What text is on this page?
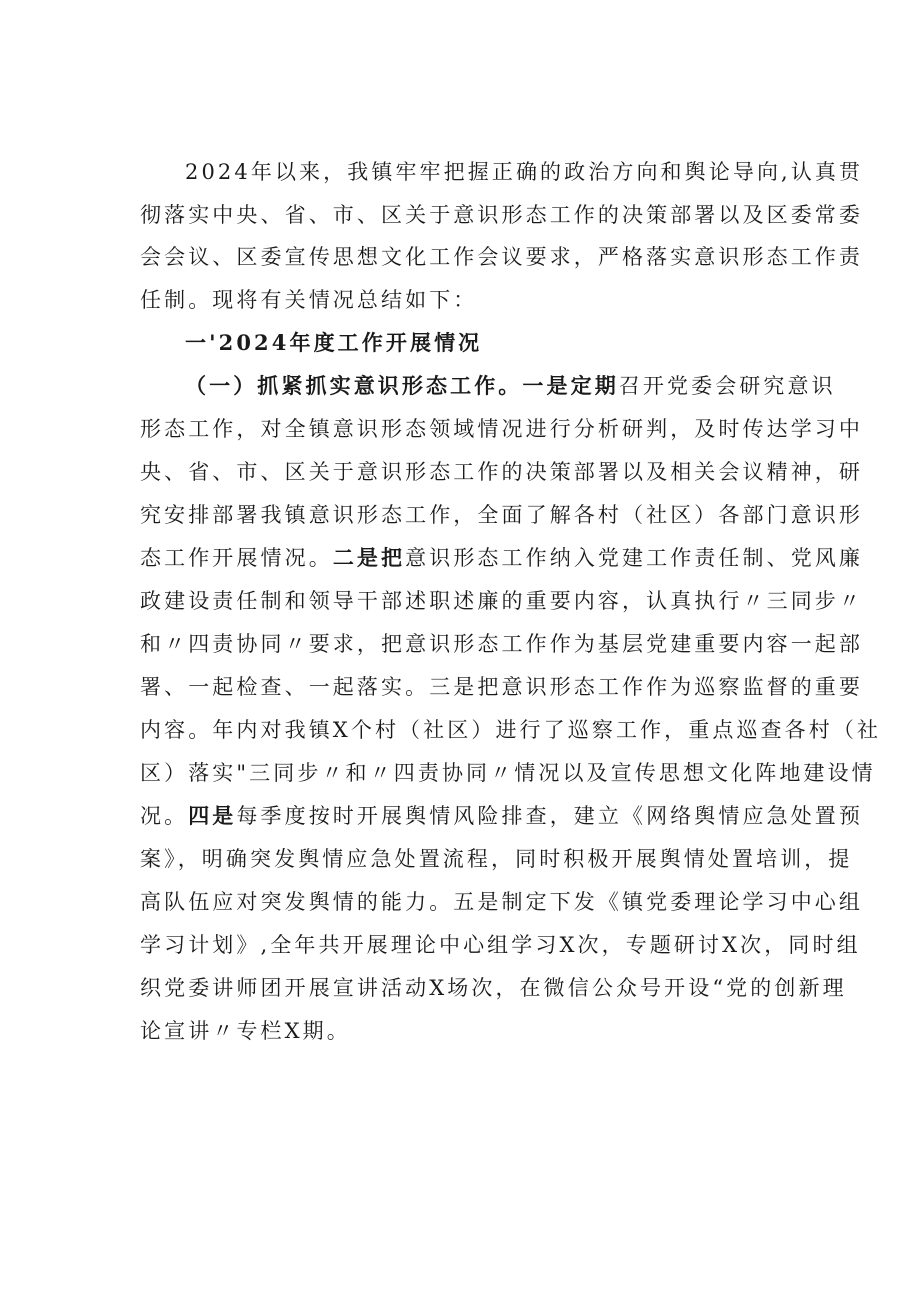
2024年以来，我镇牢牢把握正确的政治方向和舆论导向,认真贯
彻落实中央、省、市、区关于意识形态工作的决策部署以及区委常委
会会议、区委宣传思想文化工作会议要求，严格落实意识形态工作责
任制。现将有关情况总结如下：
一'2024年度工作开展情况
（一）抓紧抓实意识形态工作。一是定期召开党委会研究意识
形态工作，对全镇意识形态领域情况进行分析研判，及时传达学习中
央、省、市、区关于意识形态工作的决策部署以及相关会议精神，研
究安排部署我镇意识形态工作，全面了解各村（社区）各部门意识形
态工作开展情况。二是把意识形态工作纳入党建工作责任制、党风廉
政建设责任制和领导干部述职述廉的重要内容，认真执行〃三同步〃
和〃四责协同〃要求，把意识形态工作作为基层党建重要内容一起部
署、一起检查、一起落实。三是把意识形态工作作为巡察监督的重要
内容。年内对我镇X个村（社区）进行了巡察工作，重点巡查各村（社
区）落实"三同步〃和〃四责协同〃情况以及宣传思想文化阵地建设情
况。四是每季度按时开展舆情风险排查，建立《网络舆情应急处置预
案》，明确突发舆情应急处置流程，同时积极开展舆情处置培训，提
高队伍应对突发舆情的能力。五是制定下发《镇党委理论学习中心组
学习计划》,全年共开展理论中心组学习X次，专题研讨X次，同时组
织党委讲师团开展宣讲活动X场次，在微信公众号开设“党的创新理
论宣讲〃专栏X期。
